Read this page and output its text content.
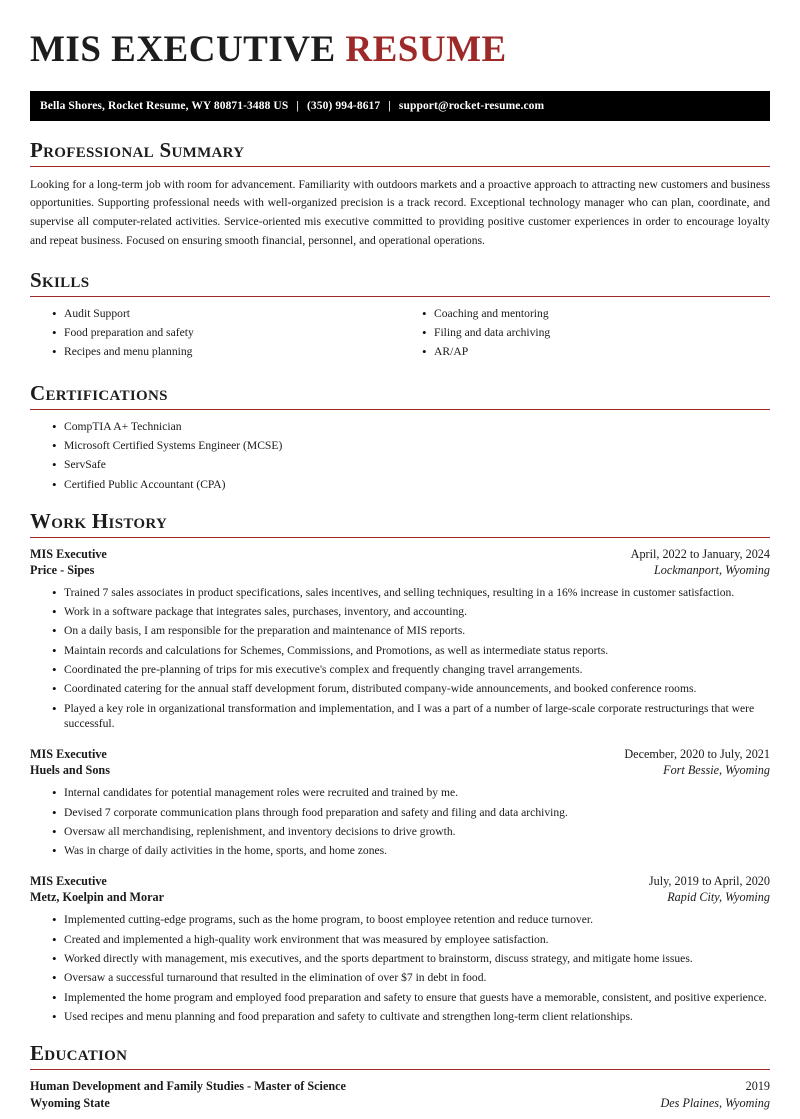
MIS EXECUTIVE RESUME
Bella Shores, Rocket Resume, WY 80871-3488 US | (350) 994-8617 | support@rocket-resume.com
Professional Summary

Looking for a long-term job with room for advancement. Familiarity with outdoors markets and a proactive approach to attracting new customers and business opportunities. Supporting professional needs with well-organized precision is a track record. Exceptional technology manager who can plan, coordinate, and supervise all computer-related activities. Service-oriented mis executive committed to providing positive customer experiences in order to encourage loyalty and repeat business. Focused on ensuring smooth financial, personnel, and operational operations.

Skills
• Audit Support
• Food preparation and safety
• Recipes and menu planning
• Coaching and mentoring
• Filing and data archiving
• AR/AP
Certifications
• CompTIA A+ Technician
• Microsoft Certified Systems Engineer (MCSE)
• ServSafe
• Certified Public Accountant (CPA)
Work History
MIS Executive	April, 2022 to January, 2024
Price - Sipes	Lockmanport, Wyoming
• Trained 7 sales associates in product specifications, sales incentives, and selling techniques, resulting in a 16% increase in customer satisfaction.
• Work in a software package that integrates sales, purchases, inventory, and accounting.
• On a daily basis, I am responsible for the preparation and maintenance of MIS reports.
• Maintain records and calculations for Schemes, Commissions, and Promotions, as well as intermediate status reports.
• Coordinated the pre-planning of trips for mis executive's complex and frequently changing travel arrangements.
• Coordinated catering for the annual staff development forum, distributed company-wide announcements, and booked conference rooms.
• Played a key role in organizational transformation and implementation, and I was a part of a number of large-scale corporate restructurings that were successful.
MIS Executive	December, 2020 to July, 2021
Huels and Sons	Fort Bessie, Wyoming
• Internal candidates for potential management roles were recruited and trained by me.
• Devised 7 corporate communication plans through food preparation and safety and filing and data archiving.
• Oversaw all merchandising, replenishment, and inventory decisions to drive growth.
• Was in charge of daily activities in the home, sports, and home zones.
MIS Executive	July, 2019 to April, 2020
Metz, Koelpin and Morar	Rapid City, Wyoming
• Implemented cutting-edge programs, such as the home program, to boost employee retention and reduce turnover.
• Created and implemented a high-quality work environment that was measured by employee satisfaction.
• Worked directly with management, mis executives, and the sports department to brainstorm, discuss strategy, and mitigate home issues.
• Oversaw a successful turnaround that resulted in the elimination of over $7 in debt in food.
• Implemented the home program and employed food preparation and safety to ensure that guests have a memorable, consistent, and positive experience.
• Used recipes and menu planning and food preparation and safety to cultivate and strengthen long-term client relationships.
Education
Human Development and Family Studies - Master of Science	2019
Wyoming State	Des Plaines, Wyoming
